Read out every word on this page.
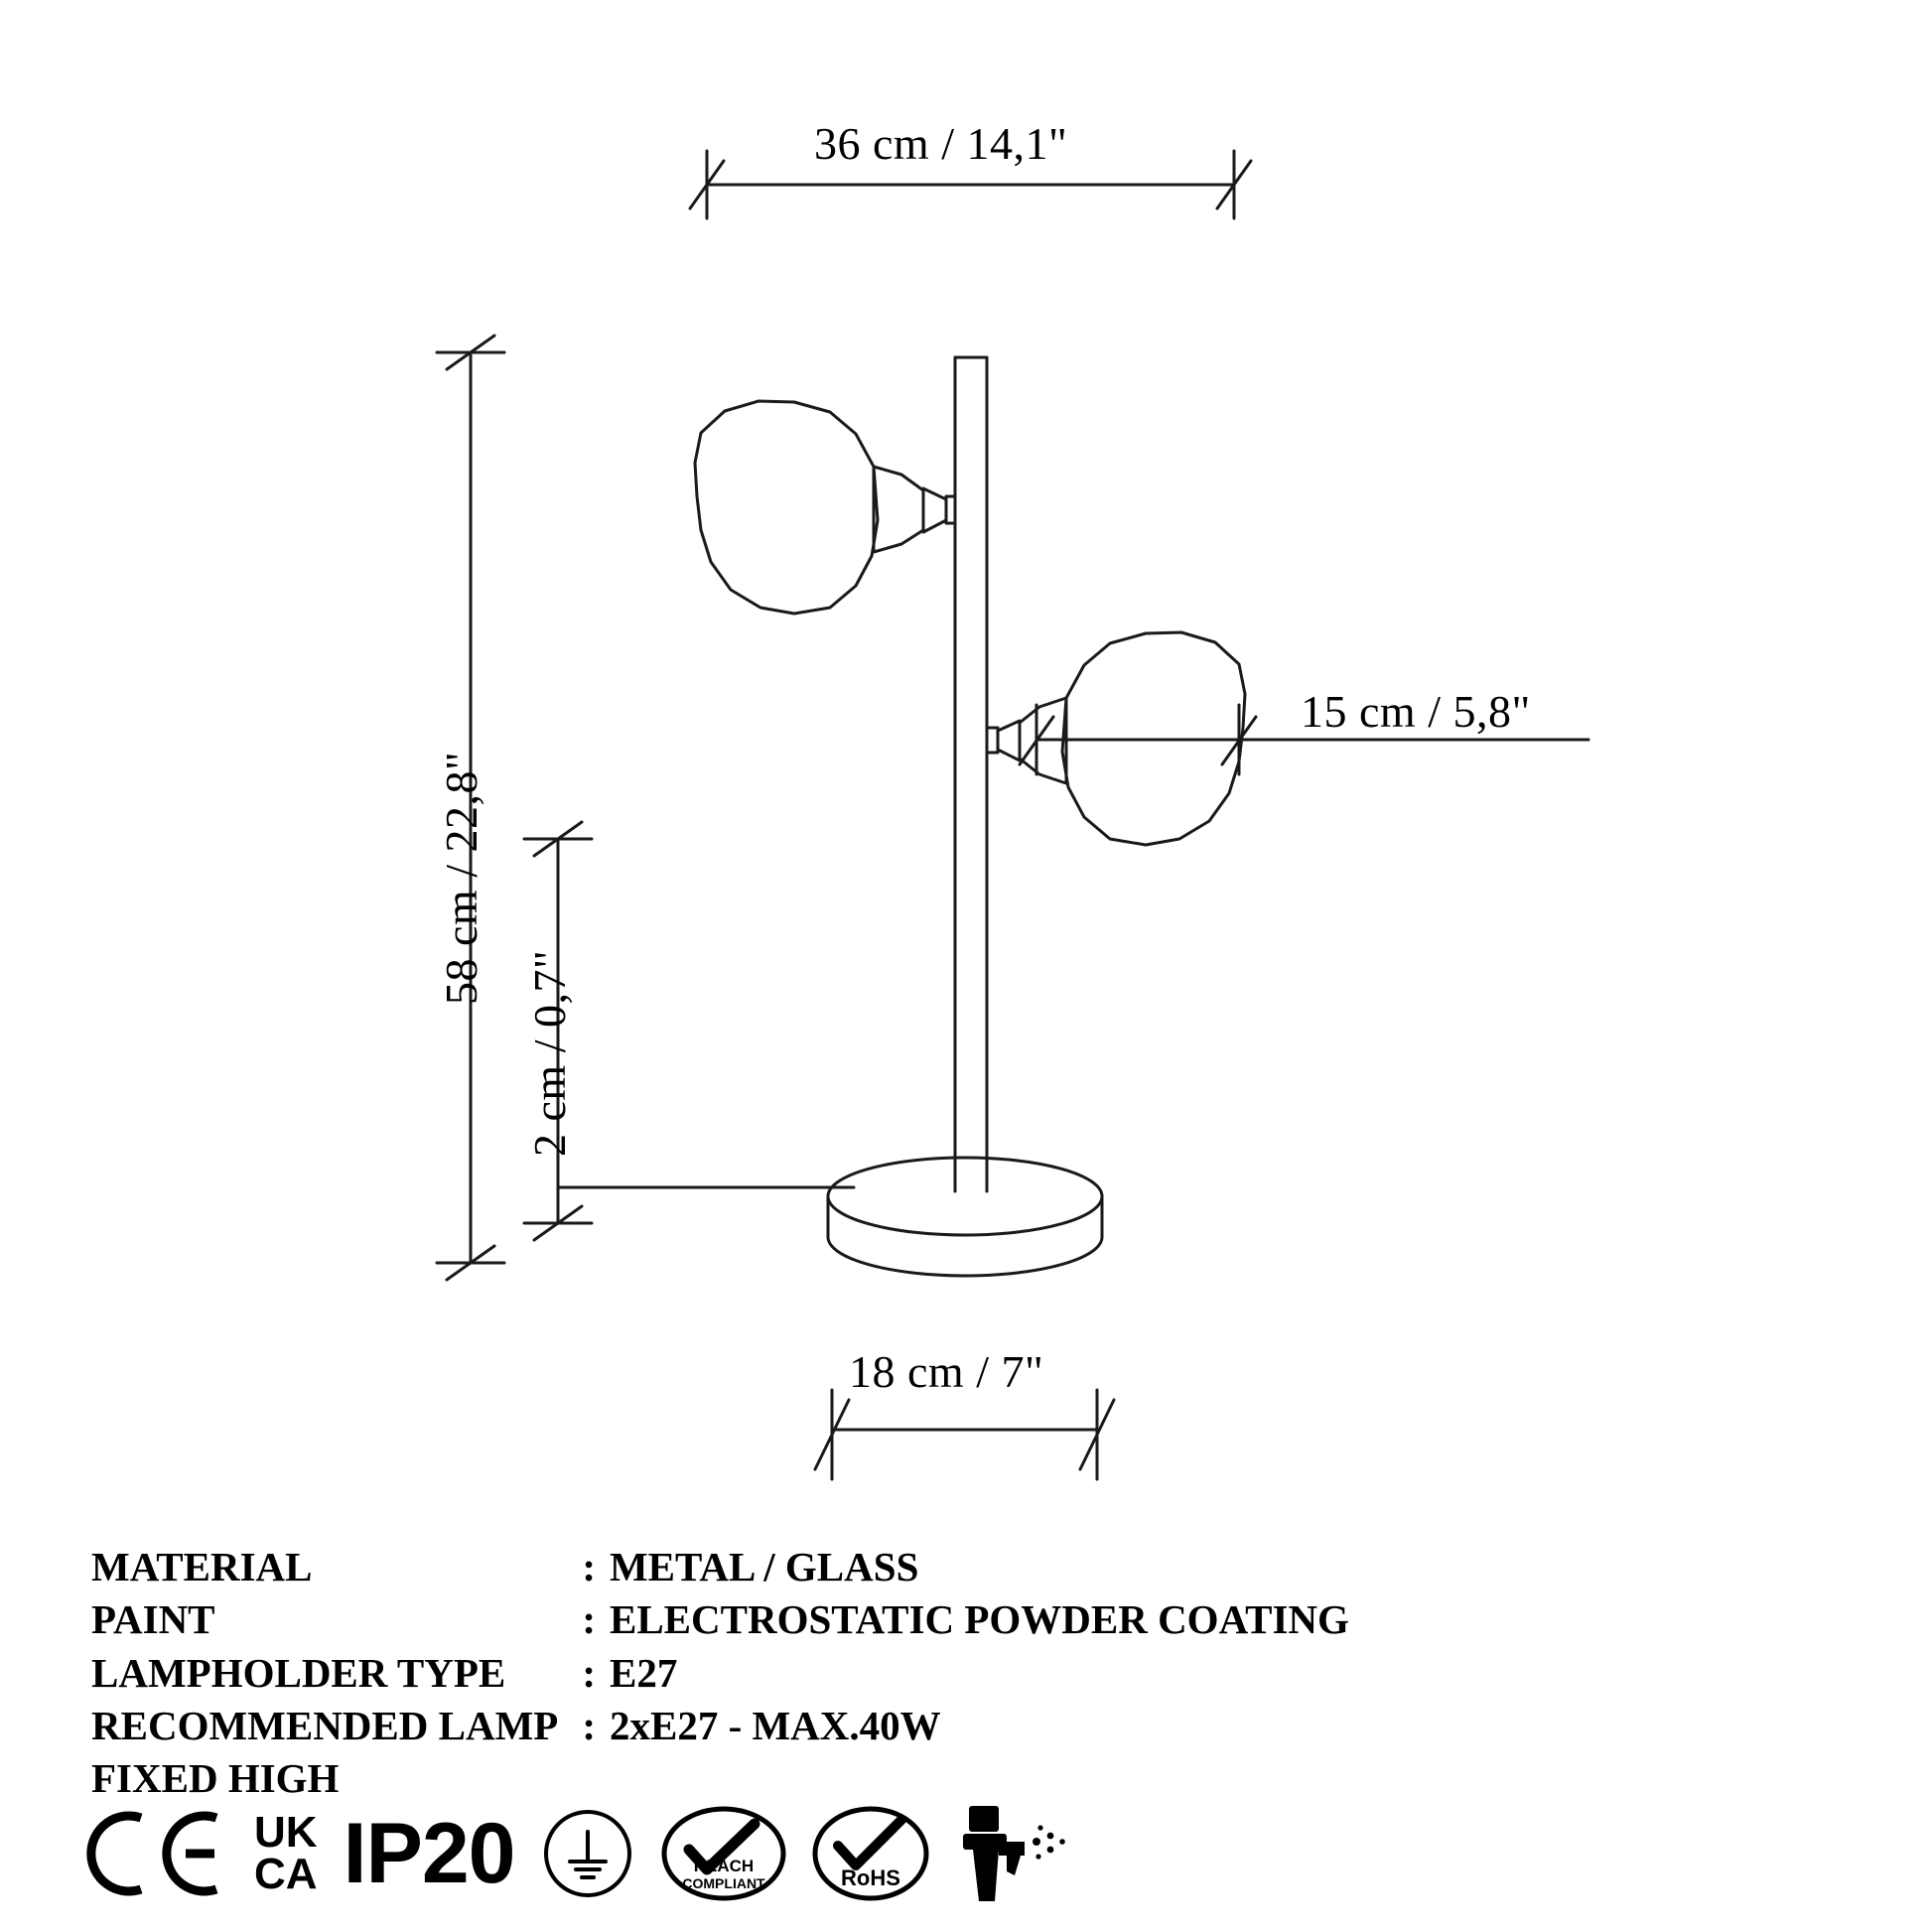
36 cm / 14,1"
58 cm / 22,8"
2 cm / 0,7"
15 cm / 5,8"
18 cm / 7"
MATERIAL	:	METAL / GLASS
PAINT	:	ELECTROSTATIC POWDER COATING
LAMPHOLDER TYPE	:	E27
RECOMMENDED LAMP	:	2xE27 - MAX.40W
FIXED HIGH		
UK
CA IP20	REACH
COMPLIANT	RoHS
